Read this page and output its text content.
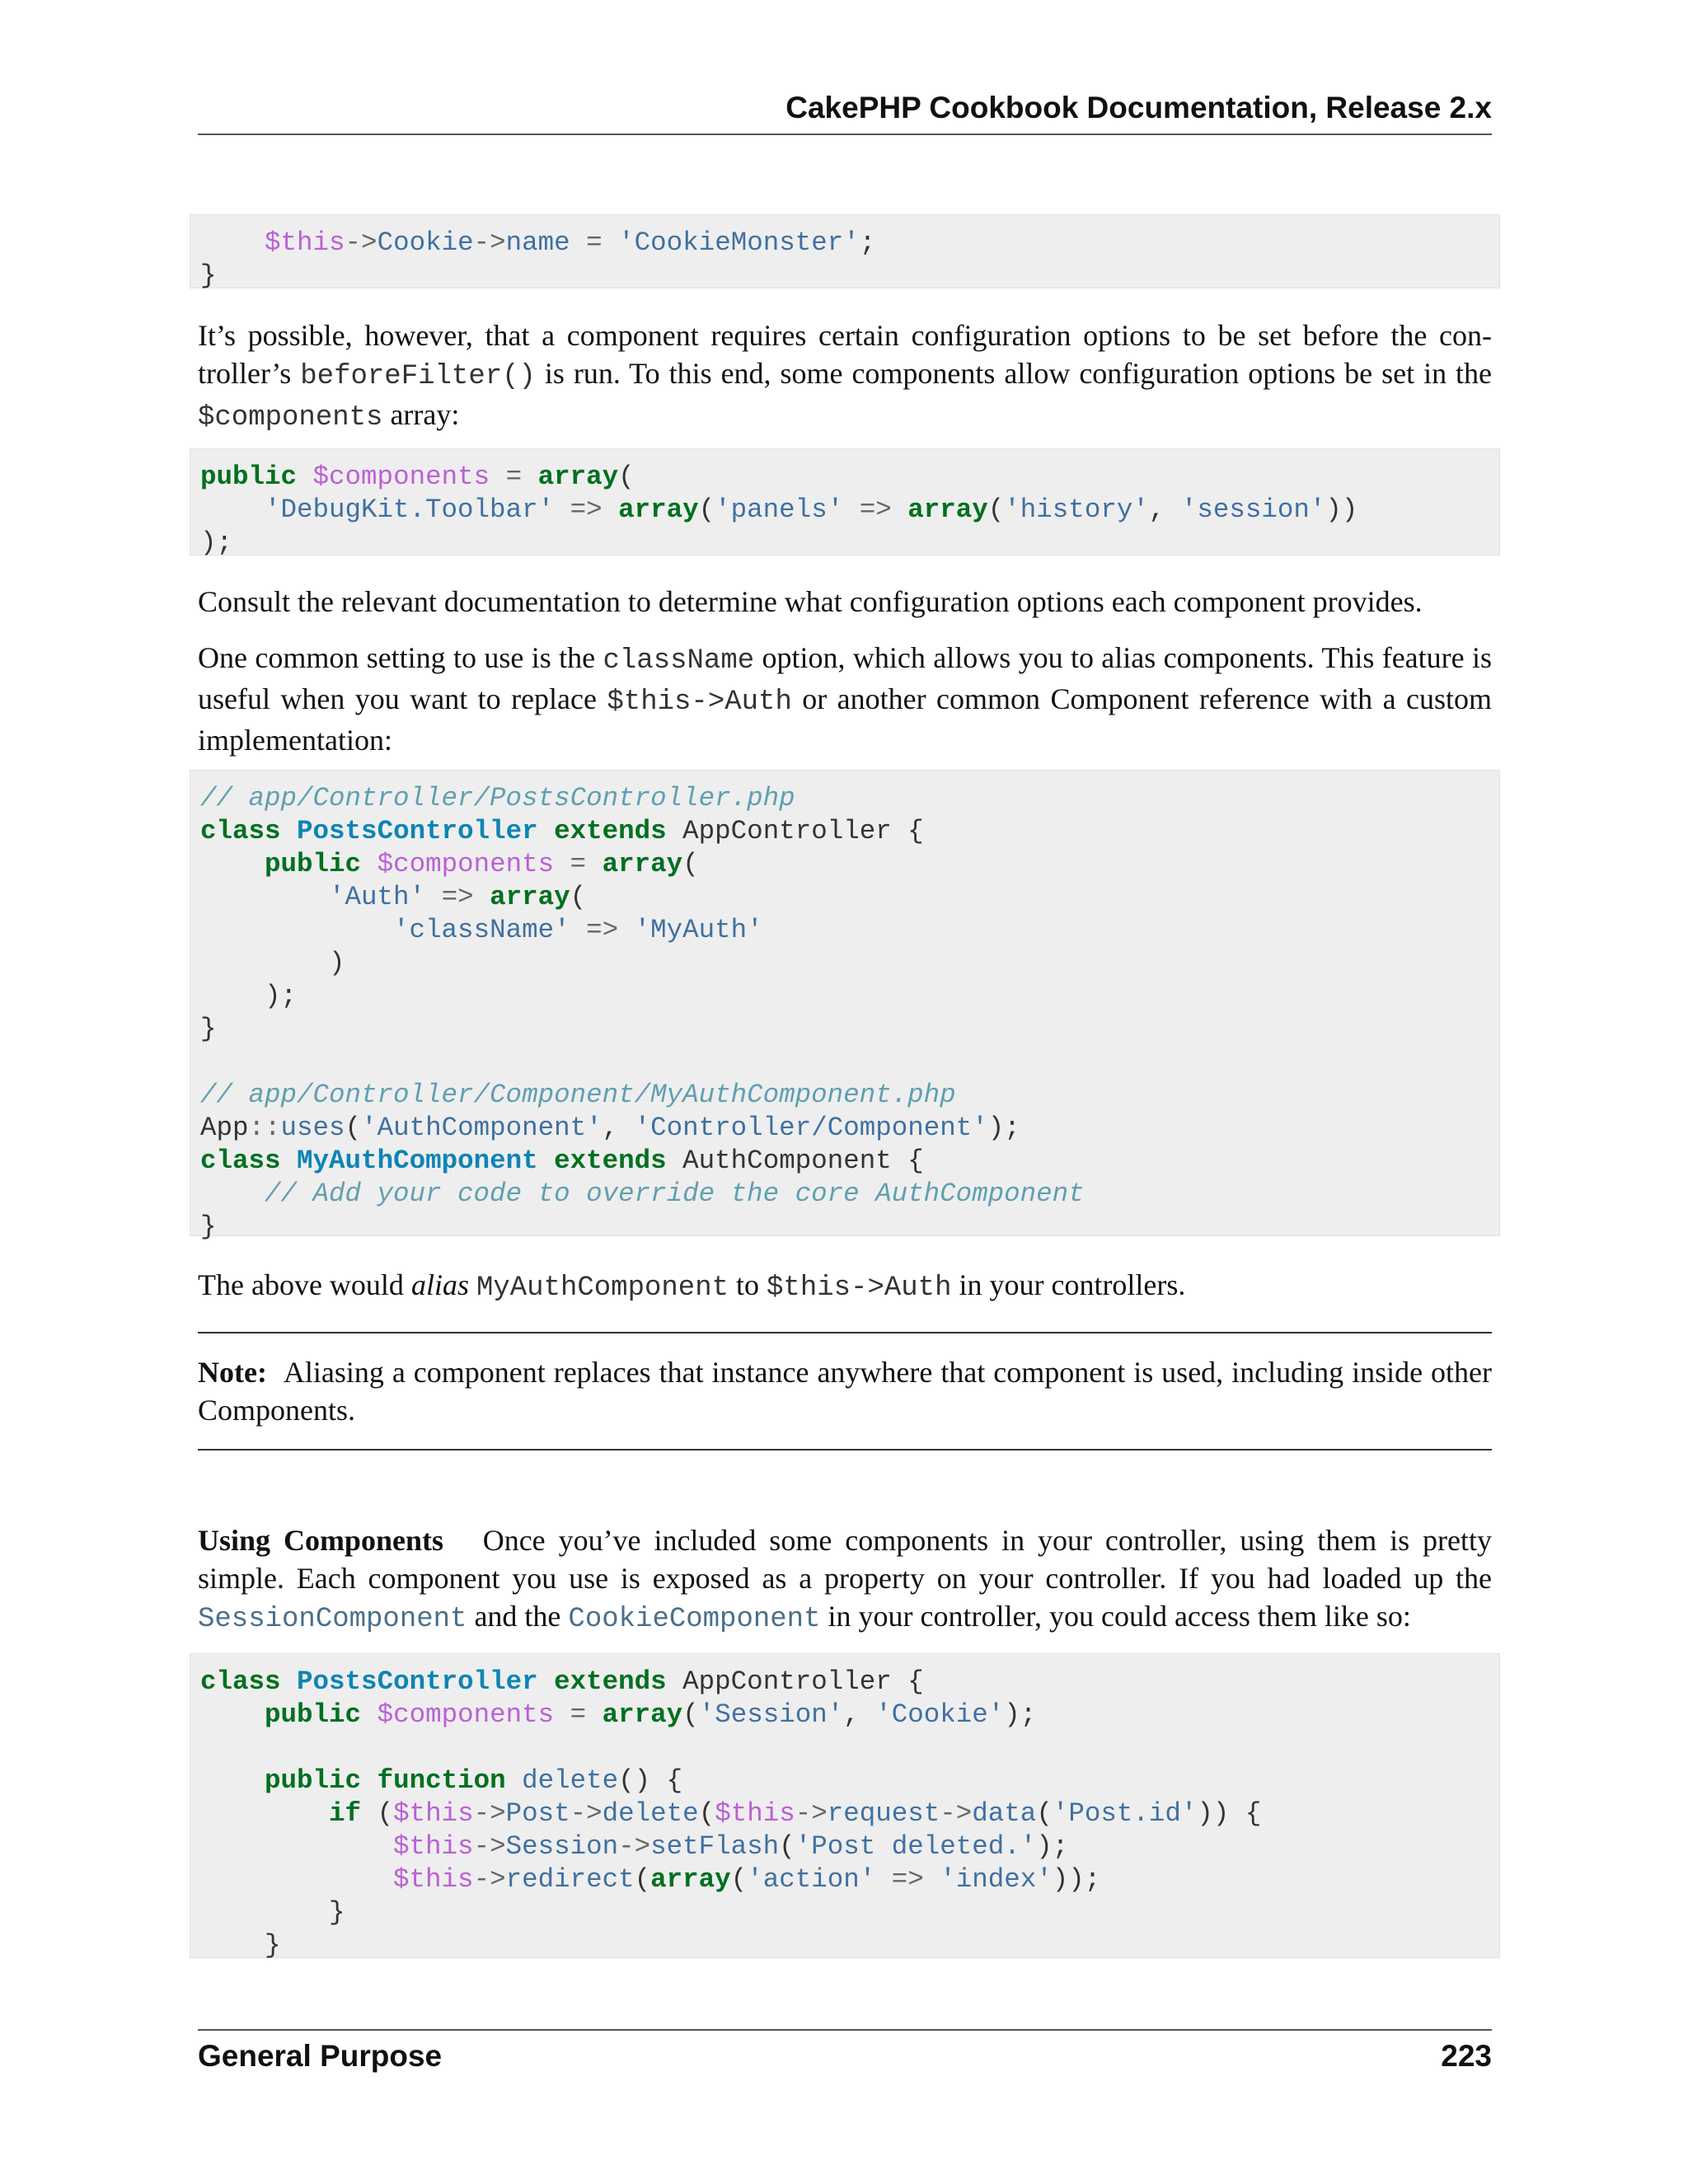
CakePHP Cookbook Documentation, Release 2.x
$this->Cookie->name = 'CookieMonster';
}
It’s possible, however, that a component requires certain configuration options to be set before the con-troller’s beforeFilter() is run. To this end, some components allow configuration options be set in the $components array:
public $components = array(
'DebugKit.Toolbar' => array('panels' => array('history', 'session'))
);
Consult the relevant documentation to determine what configuration options each component provides.
One common setting to use is the className option, which allows you to alias components. This feature is useful when you want to replace $this->Auth or another common Component reference with a custom implementation:
// app/Controller/PostsController.php
class PostsController extends AppController {
public $components = array(
'Auth' => array(
'className' => 'MyAuth'
)
);
}
// app/Controller/Component/MyAuthComponent.php
App::uses('AuthComponent', 'Controller/Component');
class MyAuthComponent extends AuthComponent {
// Add your code to override the core AuthComponent
}
The above would alias MyAuthComponent to $this->Auth in your controllers.
Note: Aliasing a component replaces that instance anywhere that component is used, including inside other Components.
Using Components Once you’ve included some components in your controller, using them is pretty simple. Each component you use is exposed as a property on your controller. If you had loaded up the SessionComponent and the CookieComponent in your controller, you could access them like so:
class PostsController extends AppController {
public $components = array('Session', 'Cookie');
public function delete() {
if ($this->Post->delete($this->request->data('Post.id')) {
$this->Session->setFlash('Post deleted.');
$this->redirect(array('action' => 'index'));
}
}
General Purpose	223
